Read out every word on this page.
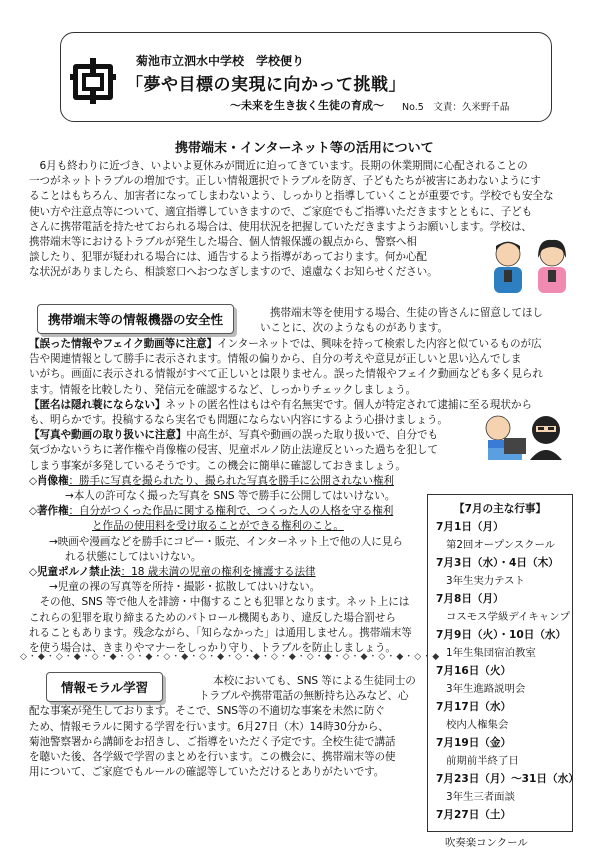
菊池市立泗水中学校　学校便り
「夢や目標の実現に向かって挑戦」
～未来を生き抜く生徒の育成～ No.5　文責：久米野千晶
携帯端末・インターネット等の活用について
　6月も終わりに近づき、いよいよ夏休みが間近に迫ってきています。長期の休業期間に心配されることの
一つがネットトラブルの増加です。正しい情報選択でトラブルを防ぎ、子どもたちが被害にあわないようにす
ることはもちろん、加害者になってしまわないよう、しっかりと指導していくことが重要です。学校でも安全な
使い方や注意点等について、適宜指導していきますので、ご家庭でもご指導いただきますとともに、子ども
さんに携帯電話を持たせておられる場合は、使用状況を把握していただきますようお願いします。学校は、
携帯端末等におけるトラブルが発生した場合、個人情報保護の観点から、警察へ相
談したり、犯罪が疑われる場合には、通告するよう指導があっております。何か心配
な状況がありましたら、相談窓口へおつなぎしますので、遠慮なくお知らせください。
携帯端末等の情報機器の安全性	携帯端末等を使用する場合、生徒の皆さんに留意してほし
いことに、次のようなものがあります。
【誤った情報やフェイク動画等に注意】インターネットでは、興味を持って検索した内容と似ているものが広
告や関連情報として勝手に表示されます。情報の偏りから、自分の考えや意見が正しいと思い込んでしま
いがち。画面に表示される情報がすべて正しいとは限りません。誤った情報やフェイク動画なども多く見られ
ます。情報を比較したり、発信元を確認するなど、しっかりチェックしましょう。
【匿名は隠れ蓑にならない】ネットの匿名性はもはや有名無実です。個人が特定されて逮捕に至る現状から
も、明らかです。投稿するなら実名でも問題にならない内容にするよう心掛けましょう。
【写真や動画の取り扱いに注意】中高生が、写真や動画の誤った取り扱いで、自分でも
気づかないうちに著作権や肖像権の侵害、児童ポルノ防止法違反といった過ちを犯して
しまう事案が多発しているそうです。この機会に簡単に確認しておきましょう。
◇肖像権：勝手に写真を撮られたり、撮られた写真を勝手に公開されない権利
→本人の許可なく撮った写真を SNS 等で勝手に公開してはいけない。
◇著作権：自分がつくった作品に関する権利で、つくった人の人格を守る権利
と作品の使用料を受け取ることができる権利のこと。
→映画や漫画などを勝手にコピー・販売、インターネット上で他の人に見ら
れる状態にしてはいけない。
◇児童ポルノ禁止法：18 歳未満の児童の権利を擁護する法律
→児童の裸の写真等を所持・撮影・拡散してはいけない。
　その他、SNS 等で他人を誹謗・中傷することも犯罪となります。ネット上には
これらの犯罪を取り締まるためのパトロール機関もあり、違反した場合罰せら
れることもあります。残念ながら、「知らなかった」は通用しません。携帯端末等
を使う場合は、きまりやマナーをしっかり守り、トラブルを防止しましょう。
【7月の主な行事】
7月1日（月）
第2回オープンスクール
7月3日（水）・4日（木）
3年生実力テスト
7月8日（月）
コスモス学級デイキャンプ
7月9日（火）・10日（水）
1年生集団宿泊教室
7月16日（火）
3年生進路説明会
7月17日（水）
校内人権集会
7月19日（金）
前期前半終了日
7月23日（月）～31日（水）
3年生三者面談
7月27日（土）
吹奏楽コンクール
◇・◆・◇・◆・◇・◆・◇・◆・◇・◆・◇・◆・◇・◆・◇・◆・◇・◆・◇・◆・◇・◆・◇・◆
情報モラル学習	本校においても、SNS 等による生徒同士の
トラブルや携帯電話の無断持ち込みなど、心
配な事案が発生しております。そこで、SNS等の不適切な事案を未然に防ぐ
ため、情報モラルに関する学習を行います。6月27日（木）14時30分から、
菊池警察署から講師をお招きし、ご指導をいただく予定です。全校生徒で講話
を聴いた後、各学級で学習のまとめを行います。この機会に、携帯端末等の使
用について、ご家庭でもルールの確認等していただけるとありがたいです。
